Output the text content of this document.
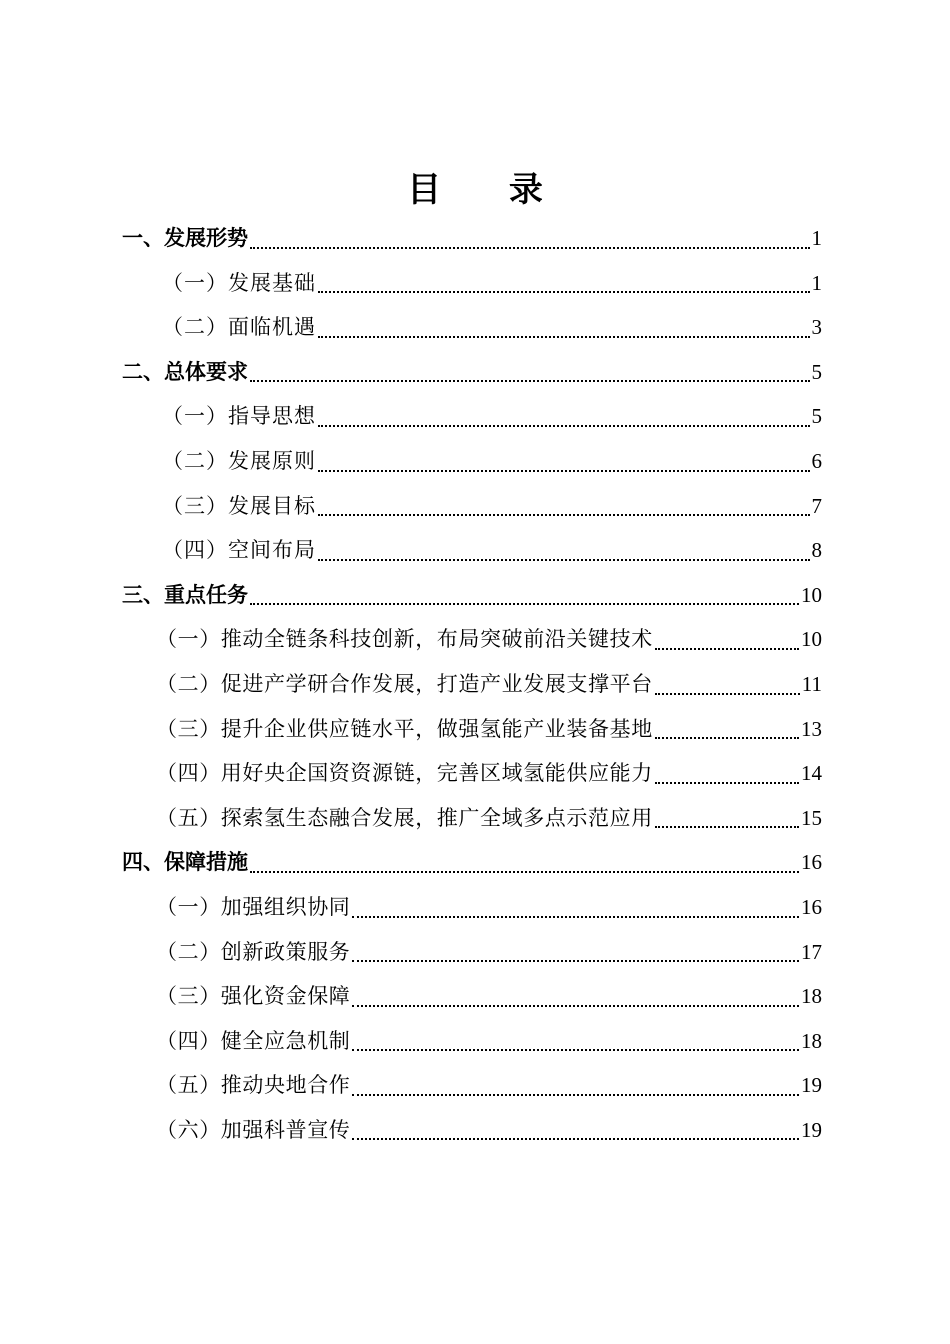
目 录
一、发展形势	1
（一）发展基础	1
（二）面临机遇	3
二、总体要求	5
（一）指导思想	5
（二）发展原则	6
（三）发展目标	7
（四）空间布局	8
三、重点任务	10
（一）推动全链条科技创新，布局突破前沿关键技术	10
（二）促进产学研合作发展，打造产业发展支撑平台	11
（三）提升企业供应链水平，做强氢能产业装备基地	13
（四）用好央企国资资源链，完善区域氢能供应能力	14
（五）探索氢生态融合发展，推广全域多点示范应用	15
四、保障措施	16
（一）加强组织协同	16
（二）创新政策服务	17
（三）强化资金保障	18
（四）健全应急机制	18
（五）推动央地合作	19
（六）加强科普宣传	19
